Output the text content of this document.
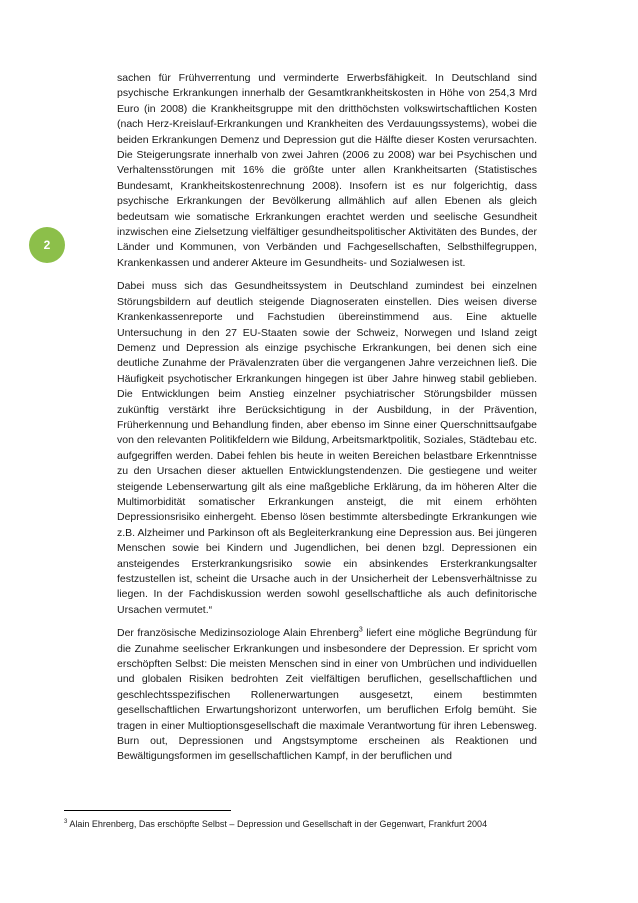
2

sachen für Frühverrentung und verminderte Erwerbsfähigkeit. In Deutschland sind psychische Erkrankungen innerhalb der Gesamtkrankheitskosten in Höhe von 254,3 Mrd Euro (in 2008) die Krankheitsgruppe mit den dritthöchsten volkswirtschaftlichen Kosten (nach Herz-Kreislauf-Erkrankungen und Krankheiten des Verdauungssystems), wobei die beiden Erkrankungen Demenz und Depression gut die Hälfte dieser Kosten verursachten. Die Steigerungsrate innerhalb von zwei Jahren (2006 zu 2008) war bei Psychischen und Verhaltensstörungen mit 16% die größte unter allen Krankheitsarten (Statistisches Bundesamt, Krankheitskostenrechnung 2008). Insofern ist es nur folgerichtig, dass psychische Erkrankungen der Bevölkerung allmählich auf allen Ebenen als gleich bedeutsam wie somatische Erkrankungen erachtet werden und seelische Gesundheit inzwischen eine Zielsetzung vielfältiger gesundheitspolitischer Aktivitäten des Bundes, der Länder und Kommunen, von Verbänden und Fachgesellschaften, Selbsthilfegruppen, Krankenkassen und anderer Akteure im Gesundheits- und Sozialwesen ist.

Dabei muss sich das Gesundheitssystem in Deutschland zumindest bei einzelnen Störungsbildern auf deutlich steigende Diagnoseraten einstellen. Dies weisen diverse Krankenkassenreporte und Fachstudien übereinstimmend aus. Eine aktuelle Untersuchung in den 27 EU-Staaten sowie der Schweiz, Norwegen und Island zeigt Demenz und Depression als einzige psychische Erkrankungen, bei denen sich eine deutliche Zunahme der Prävalenzraten über die vergangenen Jahre verzeichnen ließ. Die Häufigkeit psychotischer Erkrankungen hingegen ist über Jahre hinweg stabil geblieben. Die Entwicklungen beim Anstieg einzelner psychiatrischer Störungsbilder müssen zukünftig verstärkt ihre Berücksichtigung in der Ausbildung, in der Prävention, Früherkennung und Behandlung finden, aber ebenso im Sinne einer Querschnittsaufgabe von den relevanten Politikfeldern wie Bildung, Arbeitsmarktpolitik, Soziales, Städtebau etc. aufgegriffen werden. Dabei fehlen bis heute in weiten Bereichen belastbare Erkenntnisse zu den Ursachen dieser aktuellen Entwicklungstendenzen. Die gestiegene und weiter steigende Lebenserwartung gilt als eine maßgebliche Erklärung, da im höheren Alter die Multimorbidität somatischer Erkrankungen ansteigt, die mit einem erhöhten Depressionsrisiko einhergeht. Ebenso lösen bestimmte altersbedingte Erkrankungen wie z.B. Alzheimer und Parkinson oft als Begleiterkrankung eine Depression aus. Bei jüngeren Menschen sowie bei Kindern und Jugendlichen, bei denen bzgl. Depressionen ein ansteigendes Ersterkrankungsrisiko sowie ein absinkendes Ersterkrankungsalter festzustellen ist, scheint die Ursache auch in der Unsicherheit der Lebensverhältnisse zu liegen. In der Fachdiskussion werden sowohl gesellschaftliche als auch definitorische Ursachen vermutet.“

Der französische Medizinsoziologe Alain Ehrenberg$^3$ liefert eine mögliche Begründung für die Zunahme seelischer Erkrankungen und insbesondere der Depression. Er spricht vom erschöpften Selbst: Die meisten Menschen sind in einer von Umbrüchen und individuellen und globalen Risiken bedrohten Zeit vielfältigen beruflichen, gesellschaftlichen und geschlechtsspezifischen Rollenerwartungen ausgesetzt, einem bestimmten gesellschaftlichen Erwartungshorizont unterworfen, um beruflichen Erfolg bemüht. Sie tragen in einer Multioptionsgesellschaft die maximale Verantwortung für ihren Lebensweg. Burn out, Depressionen und Angstsymptome erscheinen als Reaktionen und Bewältigungsformen im gesellschaftlichen Kampf, in der beruflichen und

$^3$ Alain Ehrenberg, Das erschöpfte Selbst – Depression und Gesellschaft in der Gegenwart, Frankfurt 2004
